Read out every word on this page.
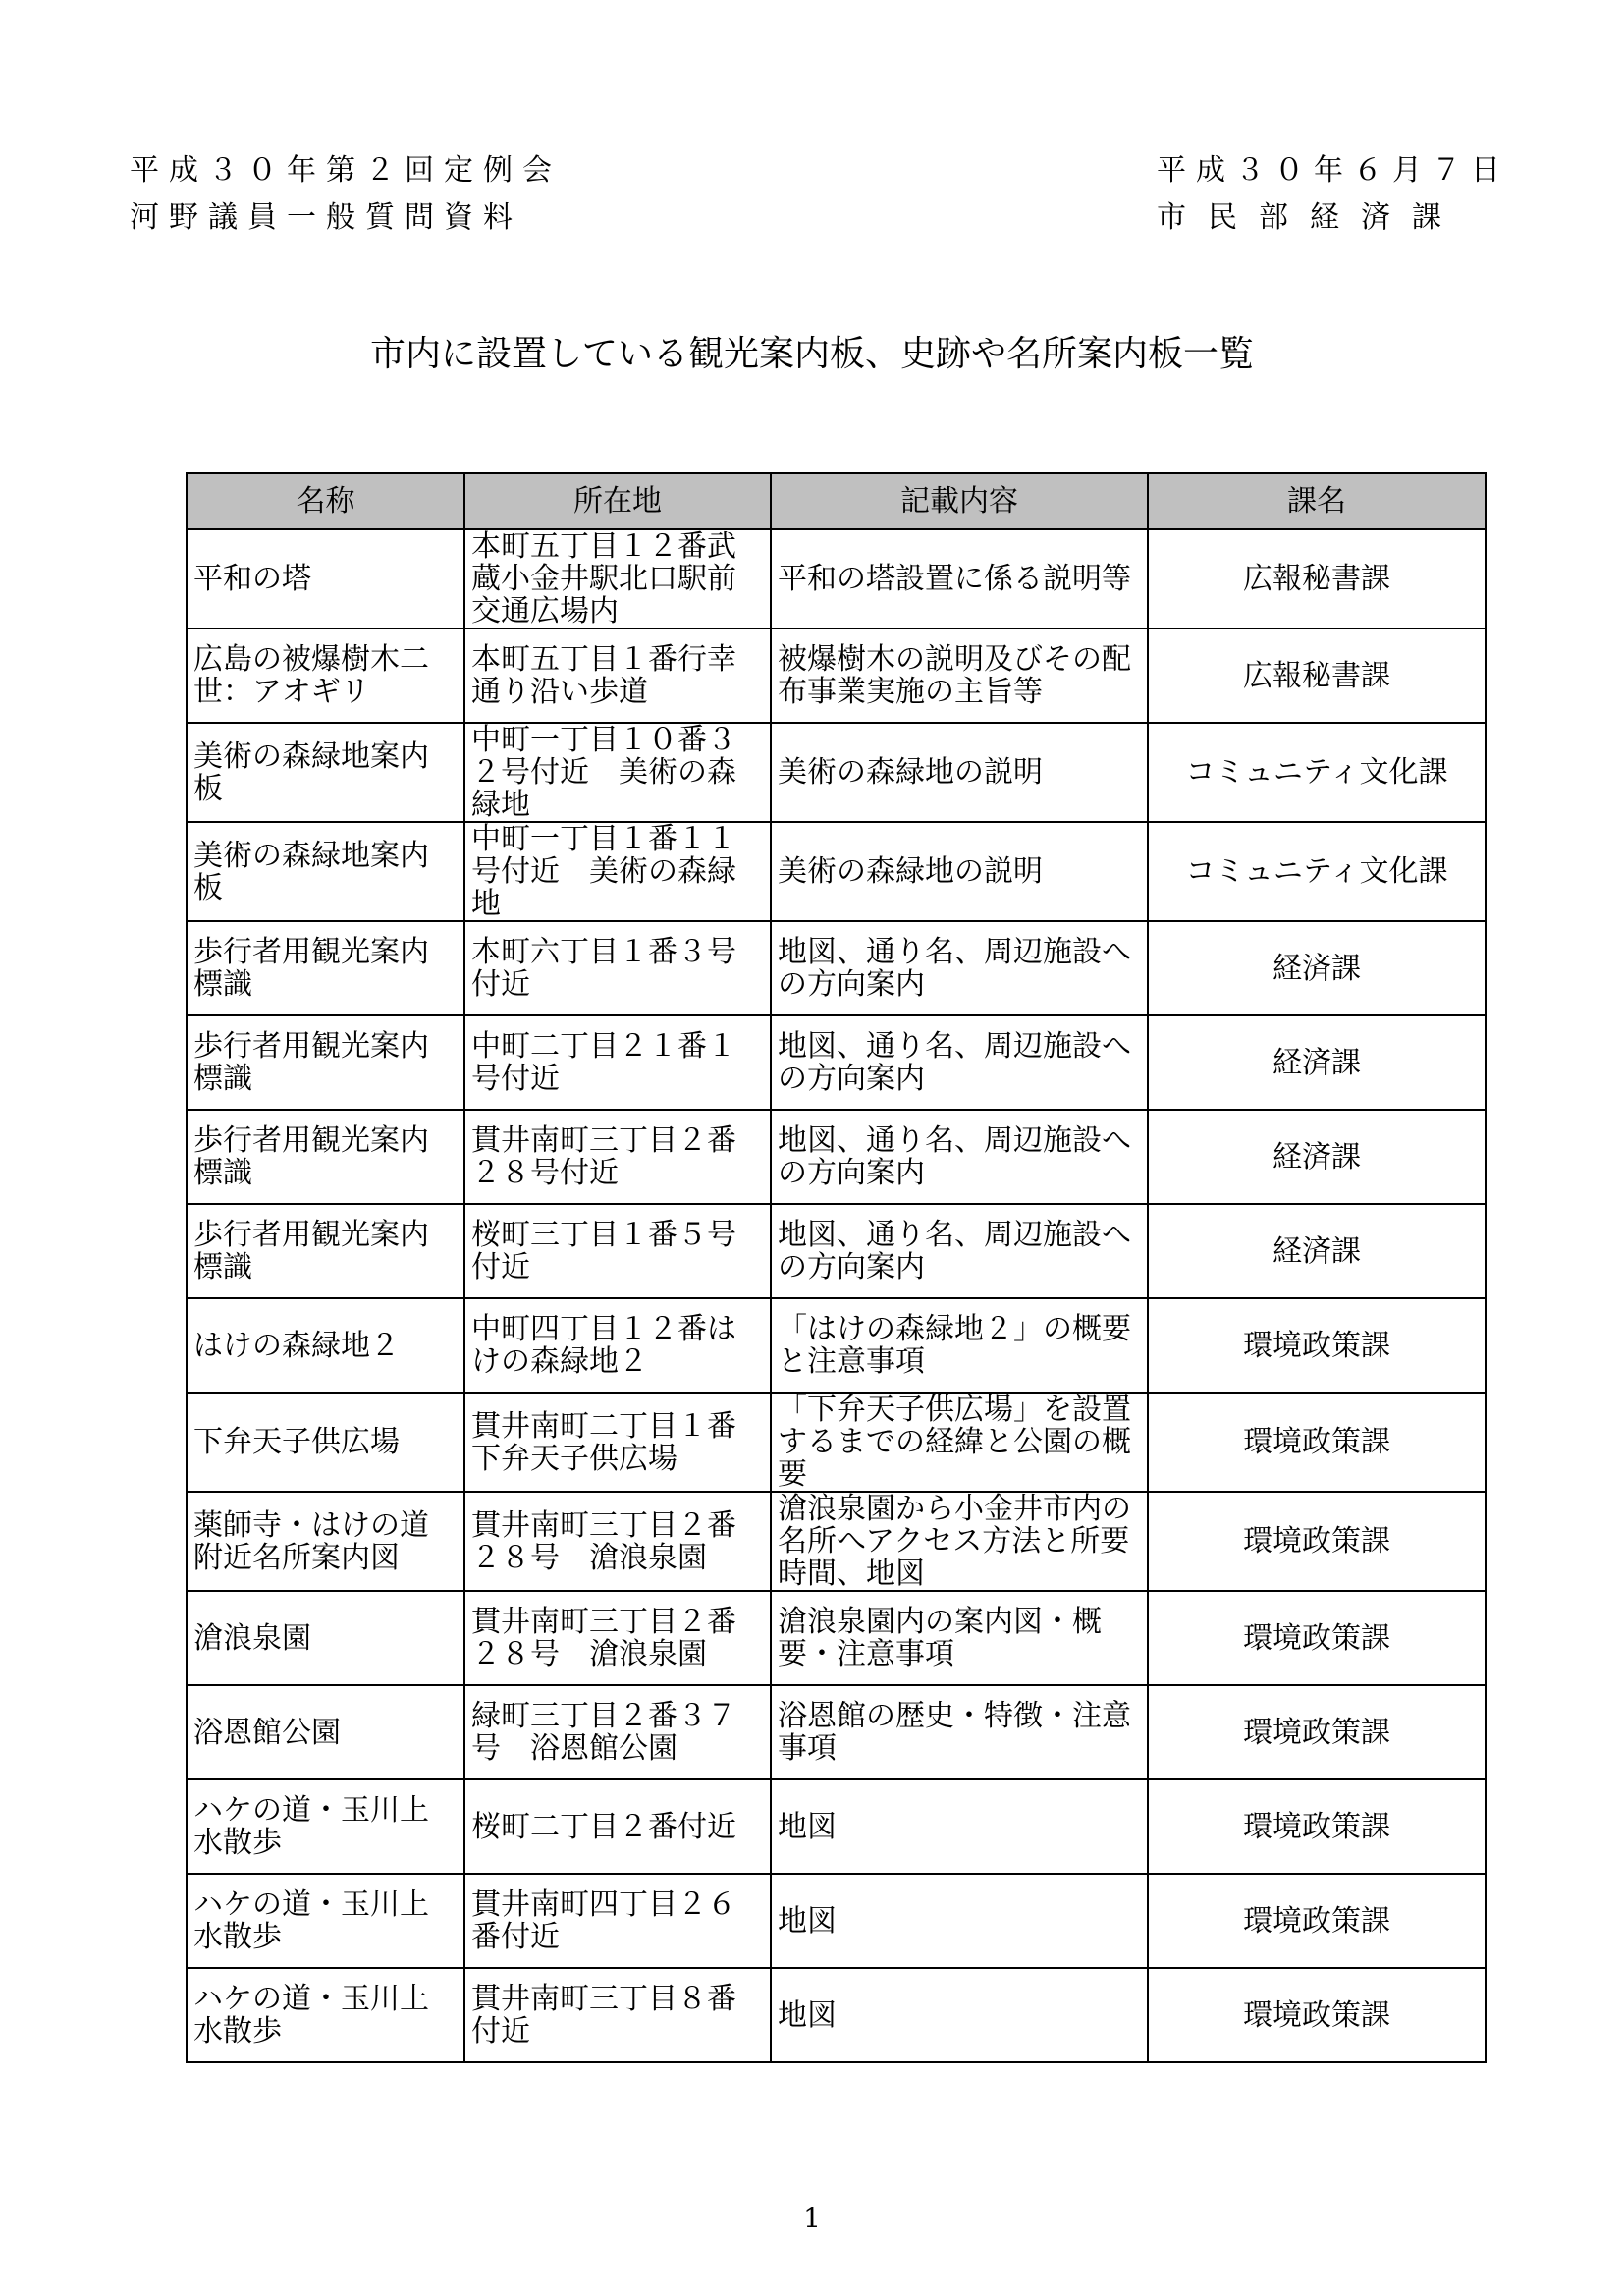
平成３０年第２回定例会
河野議員一般質問資料
平成３０年６月７日
市民部経済課
市内に設置している観光案内板、史跡や名所案内板一覧
名称	所在地	記載内容	課名
平和の塔	本町五丁目１２番武蔵小金井駅北口駅前交通広場内	平和の塔設置に係る説明等	広報秘書課
広島の被爆樹木二世：アオギリ	本町五丁目１番行幸通り沿い歩道	被爆樹木の説明及びその配布事業実施の主旨等	広報秘書課
美術の森緑地案内板	中町一丁目１０番３２号付近　美術の森緑地	美術の森緑地の説明	コミュニティ文化課
美術の森緑地案内板	中町一丁目１番１１号付近　美術の森緑地	美術の森緑地の説明	コミュニティ文化課
歩行者用観光案内標識	本町六丁目１番３号付近	地図、通り名、周辺施設への方向案内	経済課
歩行者用観光案内標識	中町二丁目２１番１号付近	地図、通り名、周辺施設への方向案内	経済課
歩行者用観光案内標識	貫井南町三丁目２番２８号付近	地図、通り名、周辺施設への方向案内	経済課
歩行者用観光案内標識	桜町三丁目１番５号付近	地図、通り名、周辺施設への方向案内	経済課
はけの森緑地２	中町四丁目１２番はけの森緑地２	「はけの森緑地２」の概要と注意事項	環境政策課
下弁天子供広場	貫井南町二丁目１番下弁天子供広場	「下弁天子供広場」を設置するまでの経緯と公園の概要	環境政策課
薬師寺・はけの道附近名所案内図	貫井南町三丁目２番２８号　滄浪泉園	滄浪泉園から小金井市内の名所へアクセス方法と所要時間、地図	環境政策課
滄浪泉園	貫井南町三丁目２番２８号　滄浪泉園	滄浪泉園内の案内図・概要・注意事項	環境政策課
浴恩館公園	緑町三丁目２番３７号　浴恩館公園	浴恩館の歴史・特徴・注意事項	環境政策課
ハケの道・玉川上水散歩	桜町二丁目２番付近	地図	環境政策課
ハケの道・玉川上水散歩	貫井南町四丁目２６番付近	地図	環境政策課
ハケの道・玉川上水散歩	貫井南町三丁目８番付近	地図	環境政策課
1
